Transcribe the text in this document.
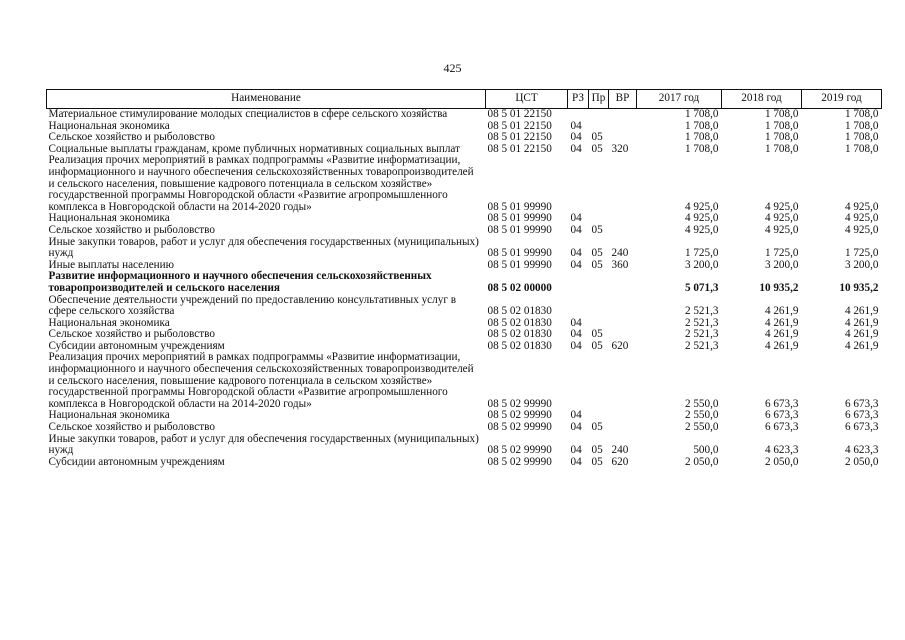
425
Наименование	ЦСТ	РЗ	Пр	ВР	2017 год	2018 год	2019 год
Материальное стимулирование молодых специалистов в сфере сельского хозяйства	08 5 01 22150				1 708,0	1 708,0	1 708,0
Национальная экономика	08 5 01 22150	04			1 708,0	1 708,0	1 708,0
Сельское хозяйство и рыболовство	08 5 01 22150	04	05		1 708,0	1 708,0	1 708,0
Социальные выплаты гражданам, кроме публичных нормативных социальных выплат	08 5 01 22150	04	05	320	1 708,0	1 708,0	1 708,0
Реализация прочих мероприятий в рамках подпрограммы «Развитие информатизации, информационного и научного обеспечения сельскохозяйственных товаропроизводителей и сельского населения, повышение кадрового потенциала в сельском хозяйстве» государственной программы Новгородской области «Развитие агропромышленного комплекса в Новгородской области на 2014-2020 годы»	08 5 01 99990				4 925,0	4 925,0	4 925,0
Национальная экономика	08 5 01 99990	04			4 925,0	4 925,0	4 925,0
Сельское хозяйство и рыболовство	08 5 01 99990	04	05		4 925,0	4 925,0	4 925,0
Иные закупки товаров, работ и услуг для обеспечения государственных (муниципальных) нужд	08 5 01 99990	04	05	240	1 725,0	1 725,0	1 725,0
Иные выплаты населению	08 5 01 99990	04	05	360	3 200,0	3 200,0	3 200,0
Развитие информационного и научного обеспечения сельскохозяйственных товаропроизводителей и сельского населения	08 5 02 00000				5 071,3	10 935,2	10 935,2
Обеспечение деятельности учреждений по предоставлению консультативных услуг в сфере сельского хозяйства	08 5 02 01830				2 521,3	4 261,9	4 261,9
Национальная экономика	08 5 02 01830	04			2 521,3	4 261,9	4 261,9
Сельское хозяйство и рыболовство	08 5 02 01830	04	05		2 521,3	4 261,9	4 261,9
Субсидии автономным учреждениям	08 5 02 01830	04	05	620	2 521,3	4 261,9	4 261,9
Реализация прочих мероприятий в рамках подпрограммы «Развитие информатизации, информационного и научного обеспечения сельскохозяйственных товаропроизводителей и сельского населения, повышение кадрового потенциала в сельском хозяйстве» государственной программы Новгородской области «Развитие агропромышленного комплекса в Новгородской области на 2014-2020 годы»	08 5 02 99990				2 550,0	6 673,3	6 673,3
Национальная экономика	08 5 02 99990	04			2 550,0	6 673,3	6 673,3
Сельское хозяйство и рыболовство	08 5 02 99990	04	05		2 550,0	6 673,3	6 673,3
Иные закупки товаров, работ и услуг для обеспечения государственных (муниципальных) нужд	08 5 02 99990	04	05	240	500,0	4 623,3	4 623,3
Субсидии автономным учреждениям	08 5 02 99990	04	05	620	2 050,0	2 050,0	2 050,0
